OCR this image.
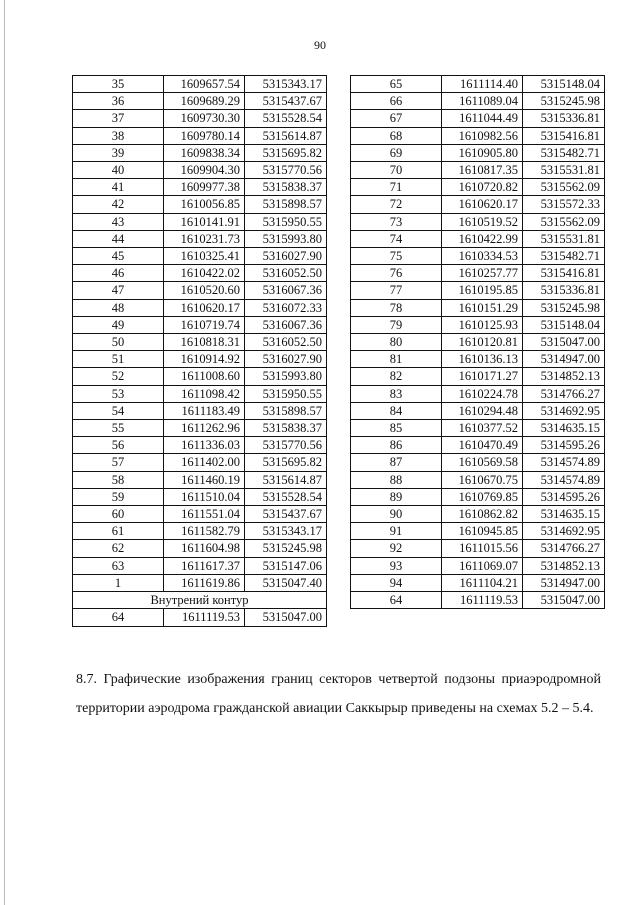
90
35	1609657.54	5315343.17
36	1609689.29	5315437.67
37	1609730.30	5315528.54
38	1609780.14	5315614.87
39	1609838.34	5315695.82
40	1609904.30	5315770.56
41	1609977.38	5315838.37
42	1610056.85	5315898.57
43	1610141.91	5315950.55
44	1610231.73	5315993.80
45	1610325.41	5316027.90
46	1610422.02	5316052.50
47	1610520.60	5316067.36
48	1610620.17	5316072.33
49	1610719.74	5316067.36
50	1610818.31	5316052.50
51	1610914.92	5316027.90
52	1611008.60	5315993.80
53	1611098.42	5315950.55
54	1611183.49	5315898.57
55	1611262.96	5315838.37
56	1611336.03	5315770.56
57	1611402.00	5315695.82
58	1611460.19	5315614.87
59	1611510.04	5315528.54
60	1611551.04	5315437.67
61	1611582.79	5315343.17
62	1611604.98	5315245.98
63	1611617.37	5315147.06
1	1611619.86	5315047.40
Внутрений контур		
64	1611119.53	5315047.00
65	1611114.40	5315148.04
66	1611089.04	5315245.98
67	1611044.49	5315336.81
68	1610982.56	5315416.81
69	1610905.80	5315482.71
70	1610817.35	5315531.81
71	1610720.82	5315562.09
72	1610620.17	5315572.33
73	1610519.52	5315562.09
74	1610422.99	5315531.81
75	1610334.53	5315482.71
76	1610257.77	5315416.81
77	1610195.85	5315336.81
78	1610151.29	5315245.98
79	1610125.93	5315148.04
80	1610120.81	5315047.00
81	1610136.13	5314947.00
82	1610171.27	5314852.13
83	1610224.78	5314766.27
84	1610294.48	5314692.95
85	1610377.52	5314635.15
86	1610470.49	5314595.26
87	1610569.58	5314574.89
88	1610670.75	5314574.89
89	1610769.85	5314595.26
90	1610862.82	5314635.15
91	1610945.85	5314692.95
92	1611015.56	5314766.27
93	1611069.07	5314852.13
94	1611104.21	5314947.00
64	1611119.53	5315047.00

8.7. Графические изображения границ секторов четвертой подзоны приаэродромной территории аэродрома гражданской авиации Саккырыр приведены на схемах 5.2 – 5.4.
